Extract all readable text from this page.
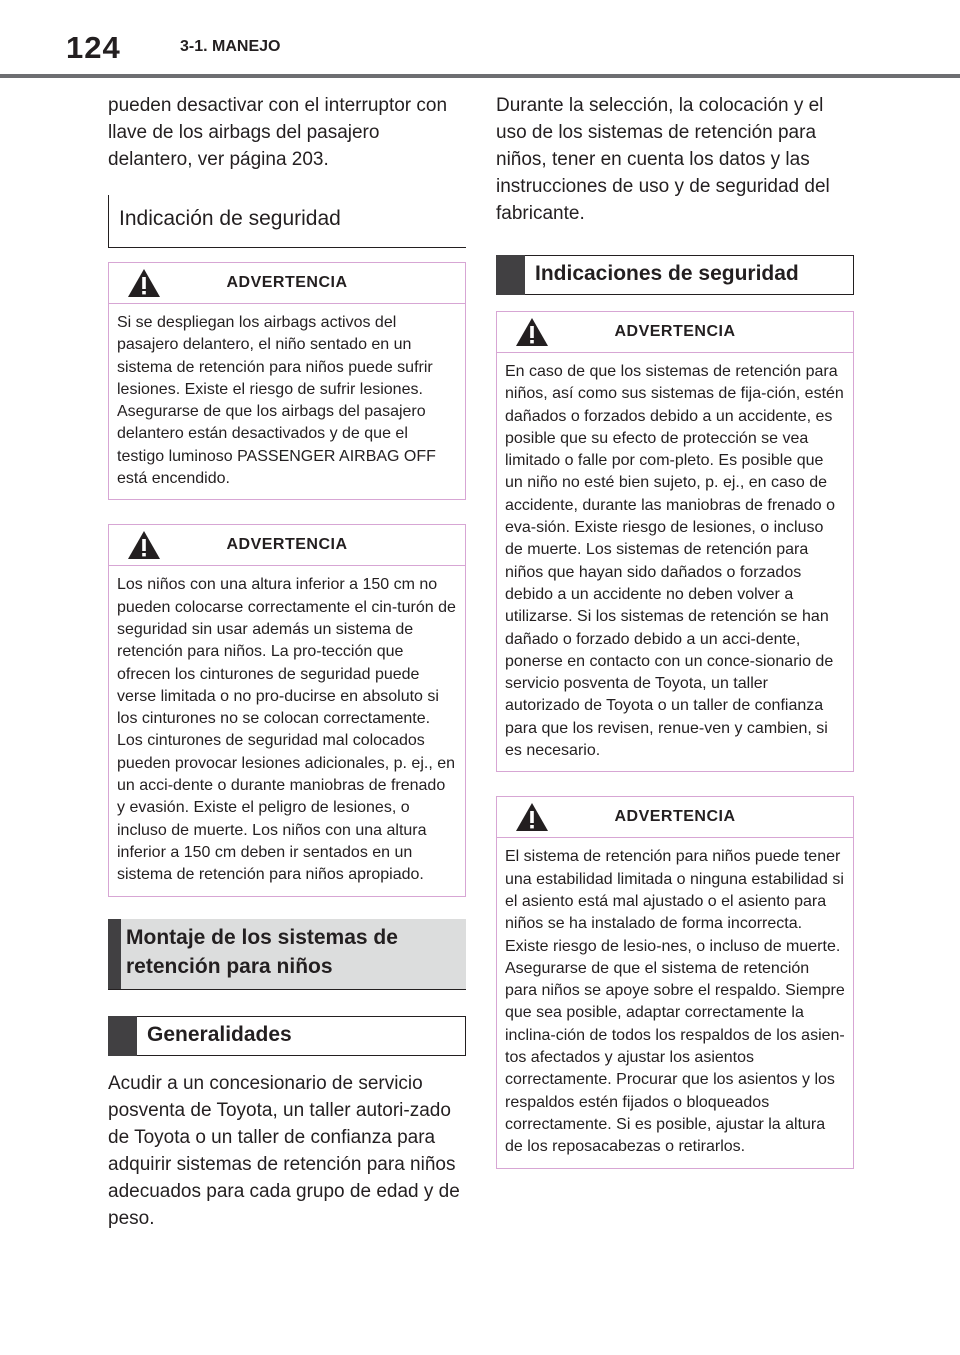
124	3-1. MANEJO

pueden desactivar con el interruptor con llave de los airbags del pasajero delantero, ver página 203.

Indicación de seguridad
ADVERTENCIA

Si se despliegan los airbags activos del pasajero delantero, el niño sentado en un sistema de retención para niños puede sufrir lesiones. Existe el riesgo de sufrir lesiones. Asegurarse de que los airbags del pasajero delantero están desactivados y de que el testigo luminoso PASSENGER AIRBAG OFF está encendido.

ADVERTENCIA

Los niños con una altura inferior a 150 cm no pueden colocarse correctamente el cin-turón de seguridad sin usar además un sistema de retención para niños. La pro-tección que ofrecen los cinturones de seguridad puede verse limitada o no pro-ducirse en absoluto si los cinturones no se colocan correctamente. Los cinturones de seguridad mal colocados pueden provocar lesiones adicionales, p. ej., en un acci-dente o durante maniobras de frenado y evasión. Existe el peligro de lesiones, o incluso de muerte. Los niños con una altura inferior a 150 cm deben ir sentados en un sistema de retención para niños apropiado.

Montaje de los sistemas de retención para niños
Generalidades

Acudir a un concesionario de servicio posventa de Toyota, un taller autori-zado de Toyota o un taller de confianza para adquirir sistemas de retención para niños adecuados para cada grupo de edad y de peso.

Durante la selección, la colocación y el uso de los sistemas de retención para niños, tener en cuenta los datos y las instrucciones de uso y de seguridad del fabricante.

Indicaciones de seguridad
ADVERTENCIA

En caso de que los sistemas de retención para niños, así como sus sistemas de fija-ción, estén dañados o forzados debido a un accidente, es posible que su efecto de protección se vea limitado o falle por com-pleto. Es posible que un niño no esté bien sujeto, p. ej., en caso de accidente, durante las maniobras de frenado o eva-sión. Existe riesgo de lesiones, o incluso de muerte. Los sistemas de retención para niños que hayan sido dañados o forzados debido a un accidente no deben volver a utilizarse. Si los sistemas de retención se han dañado o forzado debido a un acci-dente, ponerse en contacto con un conce-sionario de servicio posventa de Toyota, un taller autorizado de Toyota o un taller de confianza para que los revisen, renue-ven y cambien, si es necesario.

ADVERTENCIA

El sistema de retención para niños puede tener una estabilidad limitada o ninguna estabilidad si el asiento está mal ajustado o el asiento para niños se ha instalado de forma incorrecta. Existe riesgo de lesio-nes, o incluso de muerte. Asegurarse de que el sistema de retención para niños se apoye sobre el respaldo. Siempre que sea posible, adaptar correctamente la inclina-ción de todos los respaldos de los asien-tos afectados y ajustar los asientos correctamente. Procurar que los asientos y los respaldos estén fijados o bloqueados correctamente. Si es posible, ajustar la altura de los reposacabezas o retirarlos.
